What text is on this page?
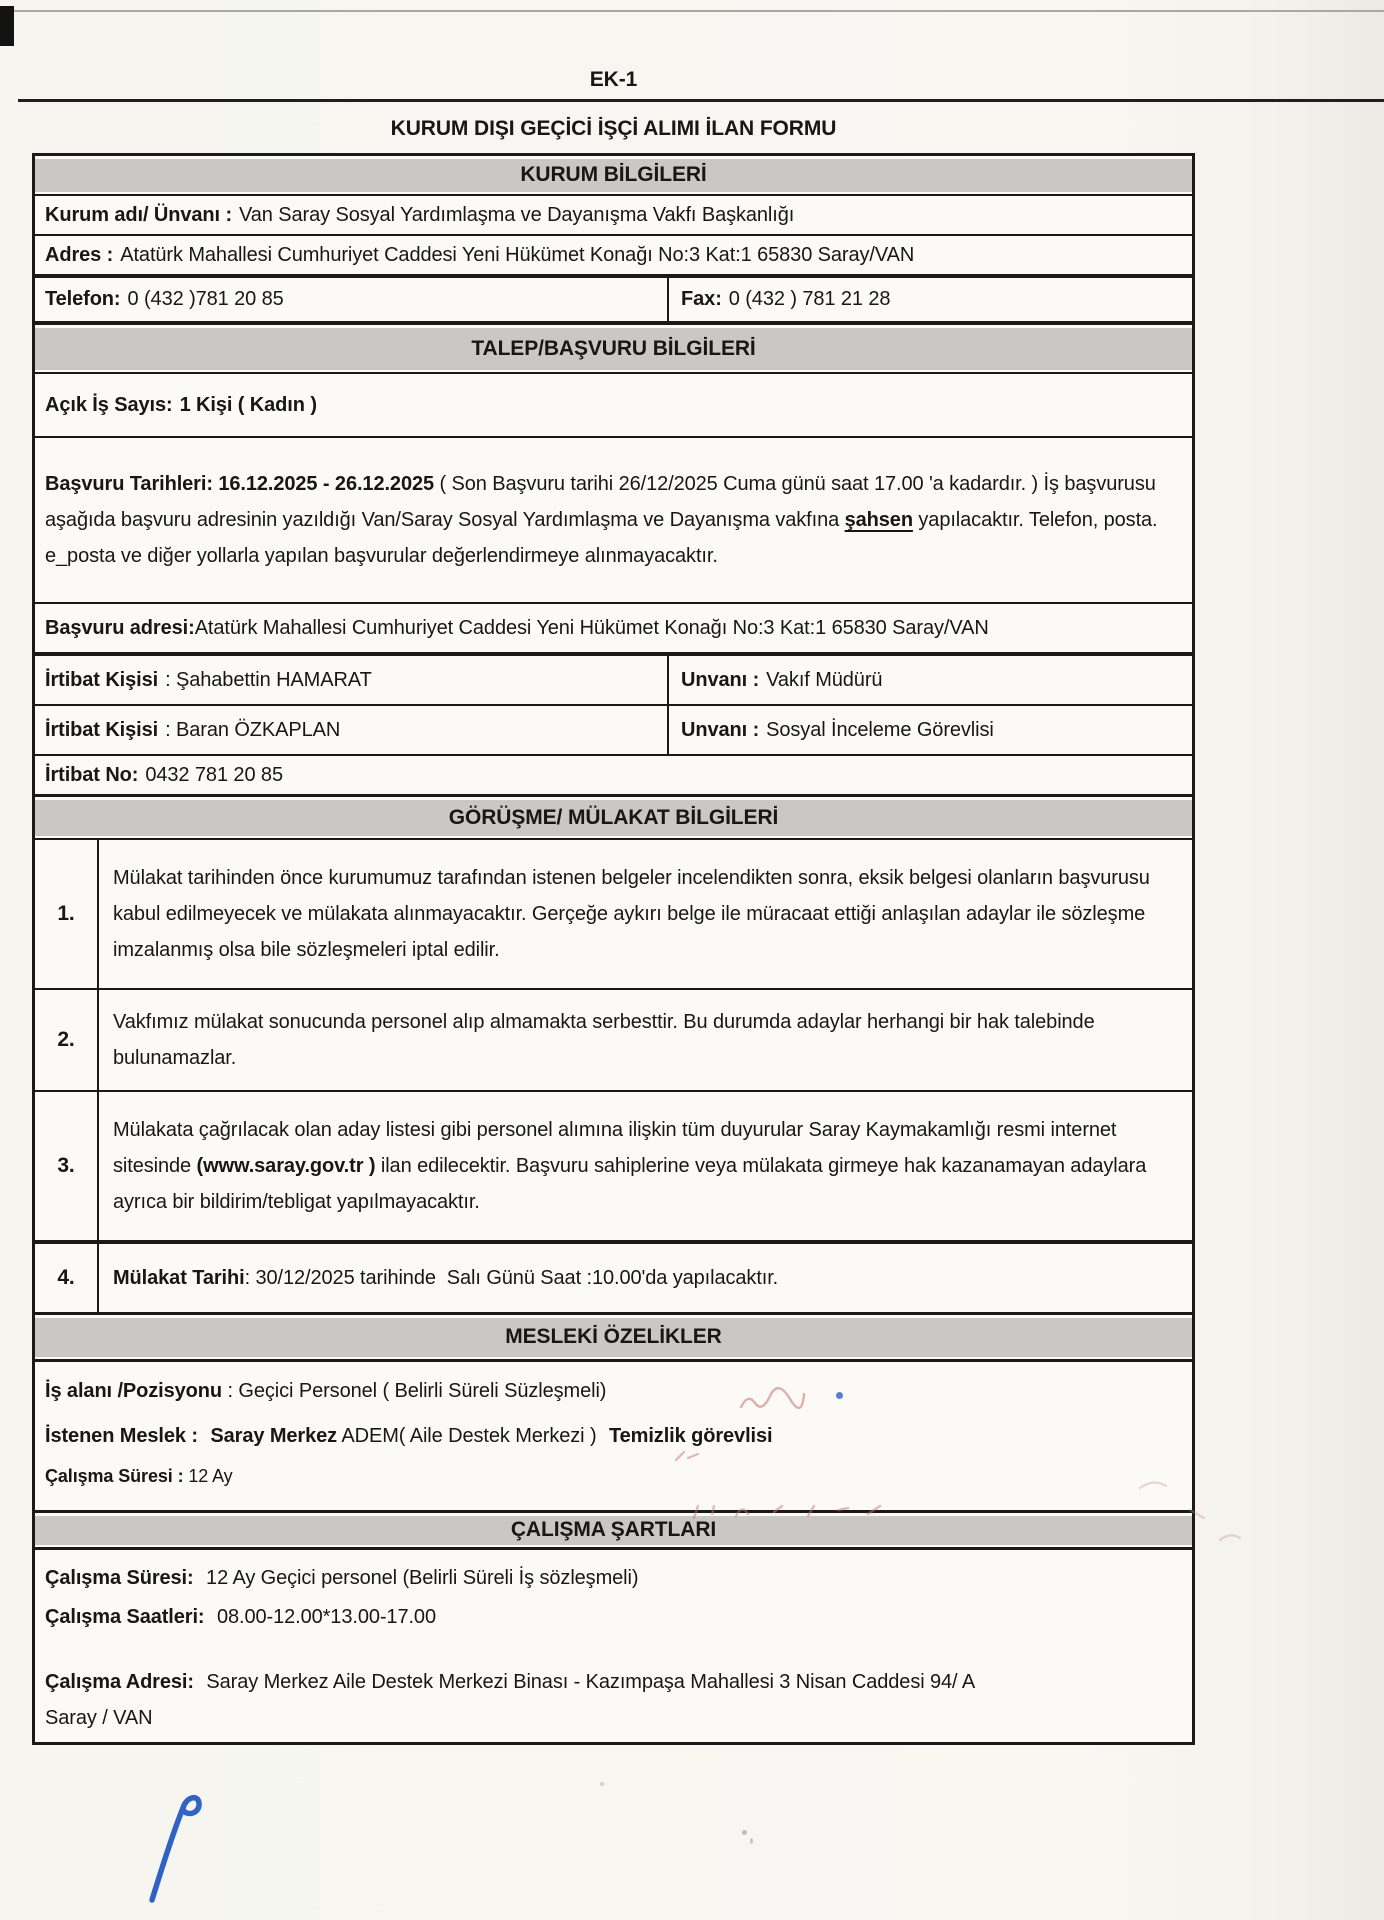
EK-1
KURUM DIŞI GEÇİCİ İŞÇİ ALIMI İLAN FORMU
KURUM BİLGİLERİ
Kurum adı/ Ünvanı : Van Saray Sosyal Yardımlaşma ve Dayanışma Vakfı Başkanlığı
Adres : Atatürk Mahallesi Cumhuriyet Caddesi Yeni Hükümet Konağı No:3 Kat:1 65830 Saray/VAN
Telefon: 0 (432 )781 20 85	Fax: 0 (432 ) 781 21 28
TALEP/BAŞVURU BİLGİLERİ
Açık İş Sayıs: 1 Kişi ( Kadın )
Başvuru Tarihleri: 16.12.2025 - 26.12.2025 ( Son Başvuru tarihi 26/12/2025 Cuma günü saat 17.00 'a kadardır. ) İş başvurusu aşağıda başvuru adresinin yazıldığı Van/Saray Sosyal Yardımlaşma ve Dayanışma vakfına şahsen yapılacaktır. Telefon, posta. e_posta ve diğer yollarla yapılan başvurular değerlendirmeye alınmayacaktır.
Başvuru adresi: Atatürk Mahallesi Cumhuriyet Caddesi Yeni Hükümet Konağı No:3 Kat:1 65830 Saray/VAN
İrtibat Kişisi : Şahabettin HAMARAT	Unvanı : Vakıf Müdürü
İrtibat Kişisi : Baran ÖZKAPLAN	Unvanı : Sosyal İnceleme Görevlisi
İrtibat No: 0432 781 20 85
GÖRÜŞME/ MÜLAKAT BİLGİLERİ
1.
Mülakat tarihinden önce kurumumuz tarafından istenen belgeler incelendikten sonra, eksik belgesi olanların başvurusu kabul edilmeyecek ve mülakata alınmayacaktır. Gerçeğe aykırı belge ile müracaat ettiği anlaşılan adaylar ile sözleşme imzalanmış olsa bile sözleşmeleri iptal edilir.
2.
Vakfımız mülakat sonucunda personel alıp almamakta serbesttir. Bu durumda adaylar herhangi bir hak talebinde bulunamazlar.
3.
Mülakata çağrılacak olan aday listesi gibi personel alımına ilişkin tüm duyurular Saray Kaymakamlığı resmi internet sitesinde (www.saray.gov.tr ) ilan edilecektir. Başvuru sahiplerine veya mülakata girmeye hak kazanamayan adaylara ayrıca bir bildirim/tebligat yapılmayacaktır.
4.	Mülakat Tarihi : 30/12/2025 tarihinde  Salı Günü Saat :10.00'da yapılacaktır.
MESLEKİ ÖZELİKLER
İş alanı /Pozisyonu : Geçici Personel ( Belirli Süreli Süzleşmeli)
İstenen Meslek : Saray Merkez ADEM( Aile Destek Merkezi ) Temizlik görevlisi
Çalışma Süresi : 12 Ay
ÇALIŞMA ŞARTLARI
Çalışma Süresi: 12 Ay Geçici personel (Belirli Süreli İş sözleşmeli)
Çalışma Saatleri: 08.00-12.00*13.00-17.00
Çalışma Adresi: Saray Merkez Aile Destek Merkezi Binası - Kazımpaşa Mahallesi 3 Nisan Caddesi 94/ A
Saray / VAN
